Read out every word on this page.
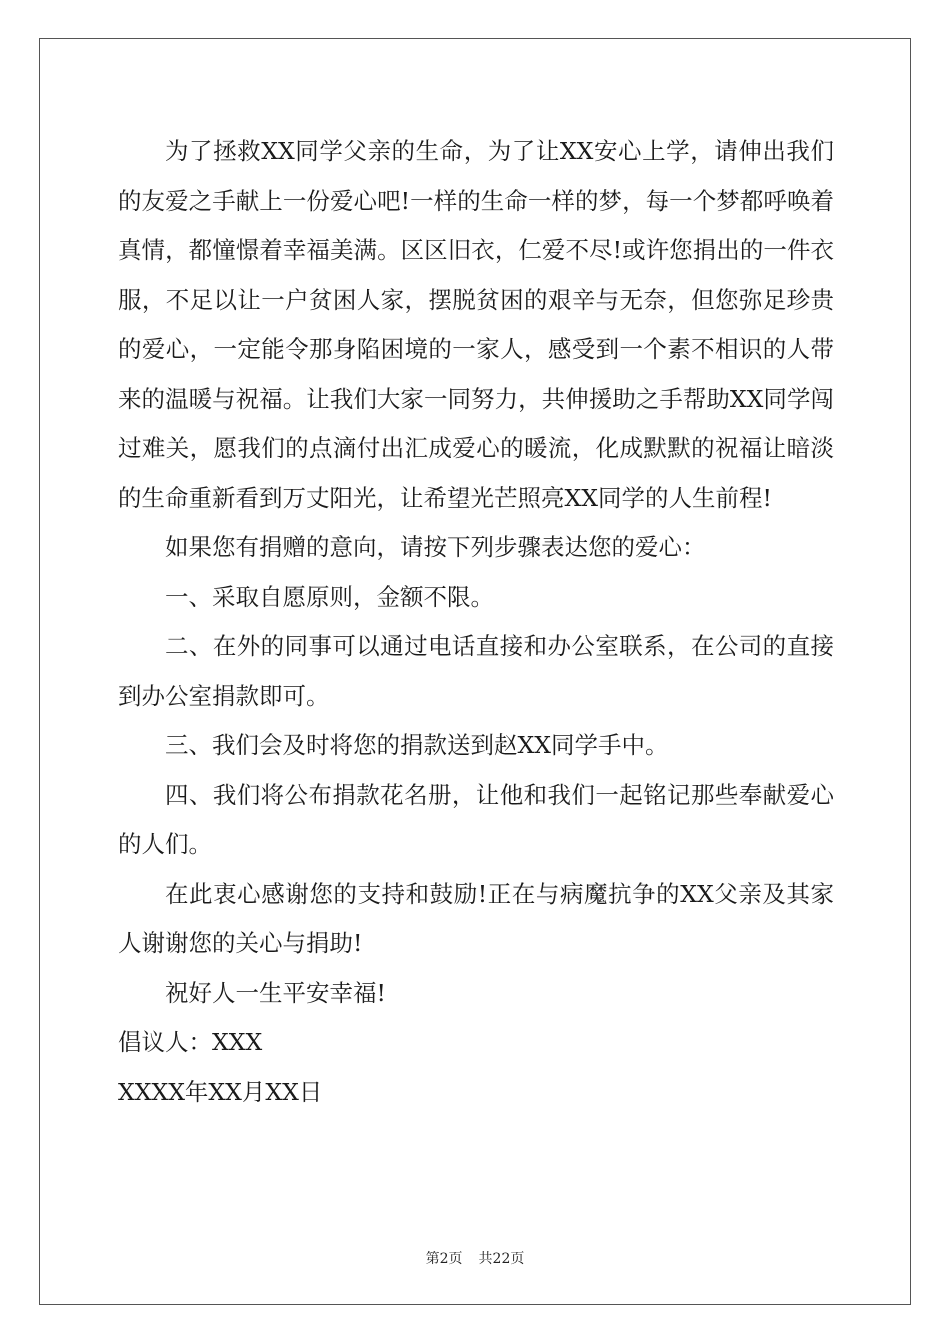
为了拯救XX同学父亲的生命，为了让XX安心上学，请伸出我们的友爱之手献上一份爱心吧!一样的生命一样的梦，每一个梦都呼唤着真情，都憧憬着幸福美满。区区旧衣，仁爱不尽!或许您捐出的一件衣服，不足以让一户贫困人家，摆脱贫困的艰辛与无奈，但您弥足珍贵的爱心，一定能令那身陷困境的一家人，感受到一个素不相识的人带来的温暖与祝福。让我们大家一同努力，共伸援助之手帮助XX同学闯过难关，愿我们的点滴付出汇成爱心的暖流，化成默默的祝福让暗淡的生命重新看到万丈阳光，让希望光芒照亮XX同学的人生前程!

如果您有捐赠的意向，请按下列步骤表达您的爱心：

一、采取自愿原则，金额不限。

二、在外的同事可以通过电话直接和办公室联系，在公司的直接到办公室捐款即可。

三、我们会及时将您的捐款送到赵XX同学手中。

四、我们将公布捐款花名册，让他和我们一起铭记那些奉献爱心的人们。

在此衷心感谢您的支持和鼓励!正在与病魔抗争的XX父亲及其家人谢谢您的关心与捐助!

祝好人一生平安幸福!

倡议人：XXX

XXXX年XX月XX日

第2页 共22页
